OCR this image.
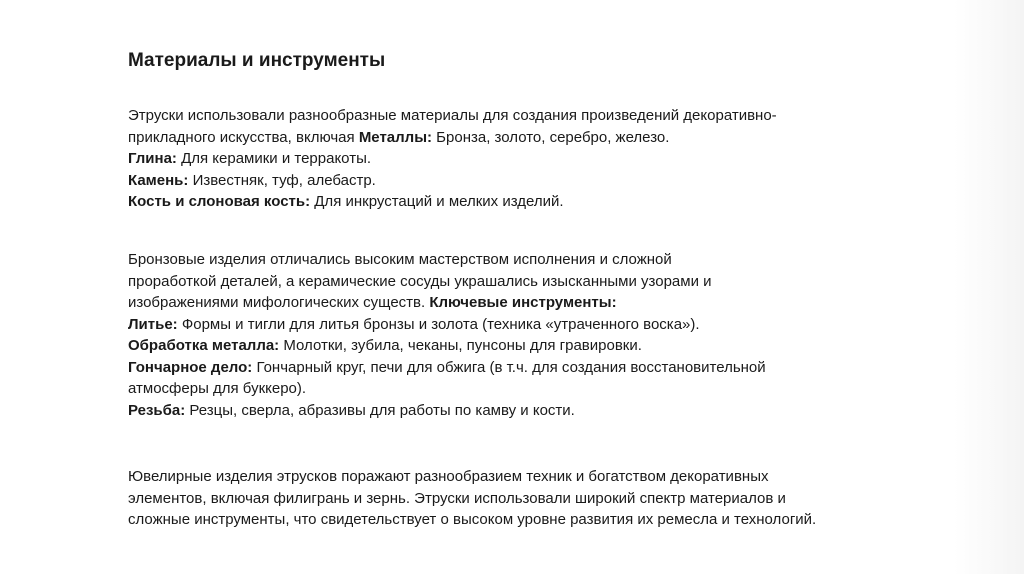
Материалы и инструменты
Этруски использовали разнообразные материалы для создания произведений декоративно-
прикладного искусства, включая Металлы: Бронза, золото, серебро, железо.
Глина: Для керамики и терракоты.
Камень: Известняк, туф, алебастр.
Кость и слоновая кость: Для инкрустаций и мелких изделий.
Бронзовые изделия отличались высоким мастерством исполнения и сложной
проработкой деталей, а керамические сосуды украшались изысканными узорами и
изображениями мифологических существ. Ключевые инструменты:
Литье: Формы и тигли для литья бронзы и золота (техника «утраченного воска»).
Обработка металла: Молотки, зубила, чеканы, пунсоны для гравировки.
Гончарное дело: Гончарный круг, печи для обжига (в т.ч. для создания восстановительной
атмосферы для буккеро).
Резьба: Резцы, сверла, абразивы для работы по камву и кости.
Ювелирные изделия этрусков поражают разнообразием техник и богатством декоративных
элементов, включая филигрань и зернь. Этруски использовали широкий спектр материалов и
сложные инструменты, что свидетельствует о высоком уровне развития их ремесла и технологий.
